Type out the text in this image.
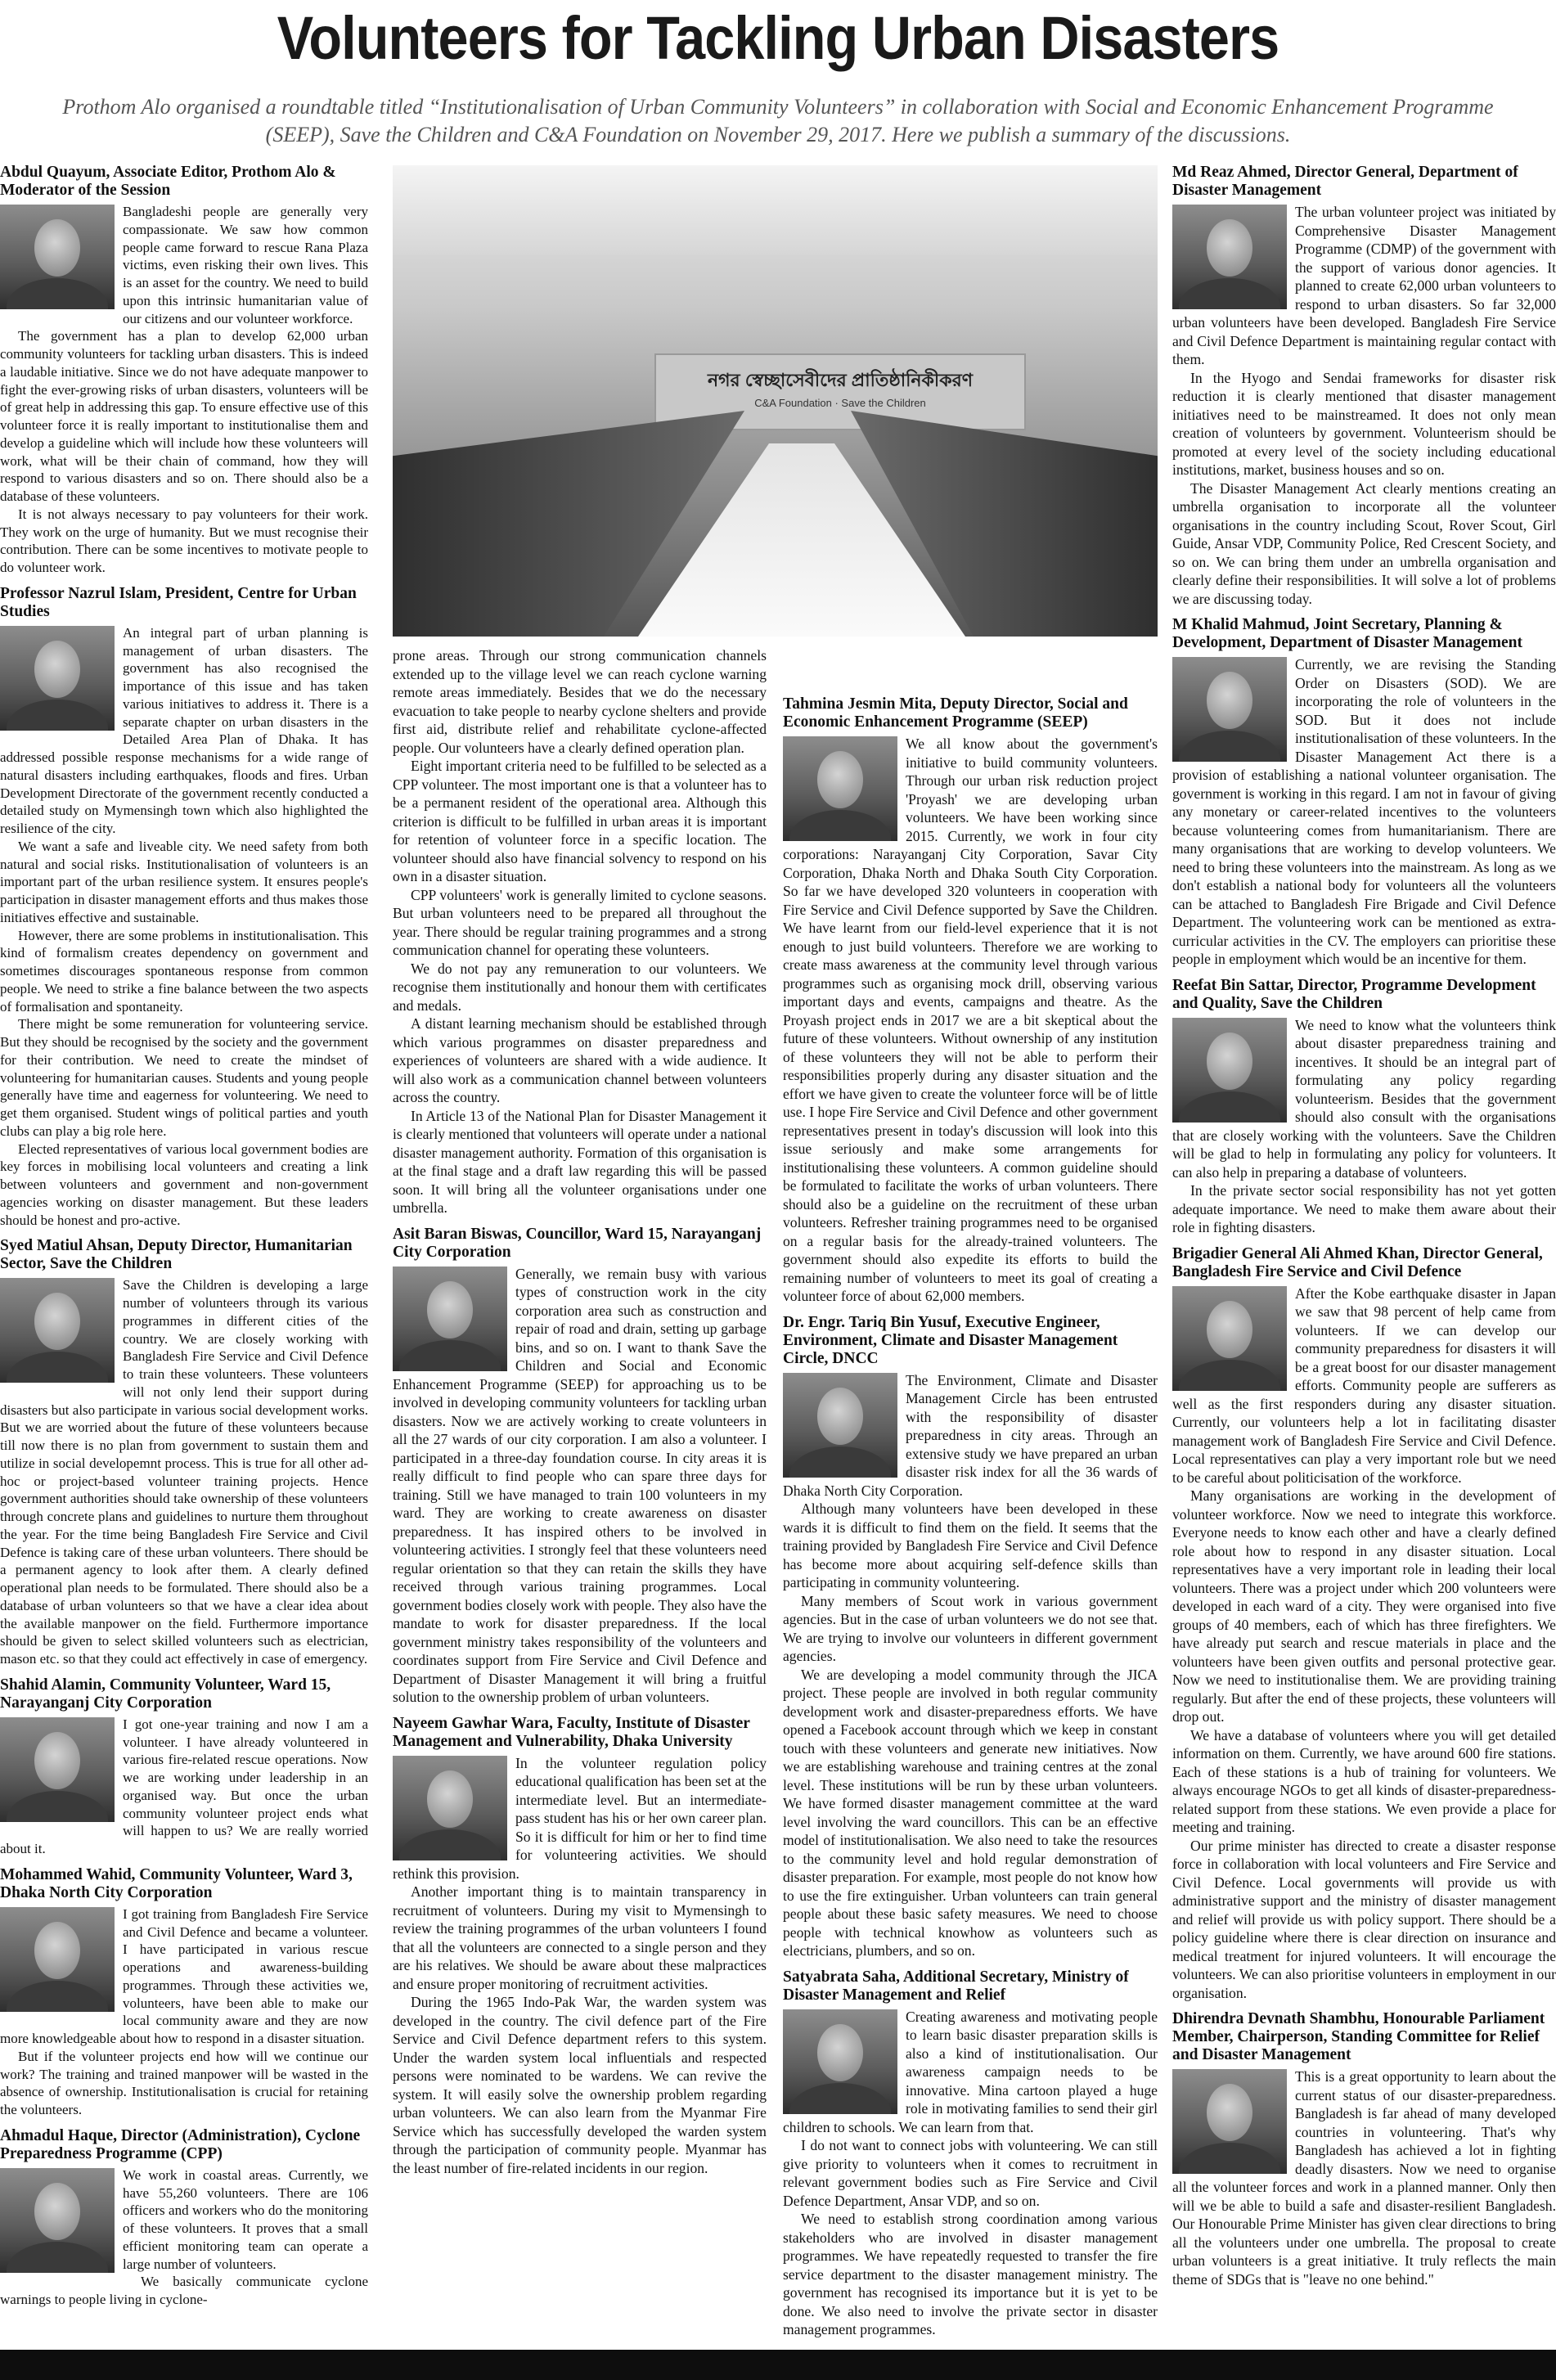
Volunteers for Tackling Urban Disasters
Prothom Alo organised a roundtable titled “Institutionalisation of Urban Community Volunteers” in collaboration with Social and Economic Enhancement Programme (SEEP), Save the Children and C&A Foundation on November 29, 2017. Here we publish a summary of the discussions.
নগর স্বেচ্ছাসেবীদের প্রাতিষ্ঠানিকীকরণ
C&A Foundation · Save the Children
Abdul Quayum, Associate Editor, Prothom Alo & Moderator of the Session

Bangladeshi people are generally very compassionate. We saw how common people came forward to rescue Rana Plaza victims, even risking their own lives. This is an asset for the country. We need to build upon this intrinsic humanitarian value of our citizens and our volunteer workforce.

The government has a plan to develop 62,000 urban community volunteers for tackling urban disasters. This is indeed a laudable initiative. Since we do not have adequate manpower to fight the ever-growing risks of urban disasters, volunteers will be of great help in addressing this gap. To ensure effective use of this volunteer force it is really important to institutionalise them and develop a guideline which will include how these volunteers will work, what will be their chain of command, how they will respond to various disasters and so on. There should also be a database of these volunteers.

It is not always necessary to pay volunteers for their work. They work on the urge of humanity. But we must recognise their contribution. There can be some incentives to motivate people to do volunteer work.

Professor Nazrul Islam, President, Centre for Urban Studies

An integral part of urban planning is management of urban disasters. The government has also recognised the importance of this issue and has taken various initiatives to address it. There is a separate chapter on urban disasters in the Detailed Area Plan of Dhaka. It has addressed possible response mechanisms for a wide range of natural disasters including earthquakes, floods and fires. Urban Development Directorate of the government recently conducted a detailed study on Mymensingh town which also highlighted the resilience of the city.

We want a safe and liveable city. We need safety from both natural and social risks. Institutionalisation of volunteers is an important part of the urban resilience system. It ensures people's participation in disaster management efforts and thus makes those initiatives effective and sustainable.

However, there are some problems in institutionalisation. This kind of formalism creates dependency on government and sometimes discourages spontaneous response from common people. We need to strike a fine balance between the two aspects of formalisation and spontaneity.

There might be some remuneration for volunteering service. But they should be recognised by the society and the government for their contribution. We need to create the mindset of volunteering for humanitarian causes. Students and young people generally have time and eagerness for volunteering. We need to get them organised. Student wings of political parties and youth clubs can play a big role here.

Elected representatives of various local government bodies are key forces in mobilising local volunteers and creating a link between volunteers and government and non-government agencies working on disaster management. But these leaders should be honest and pro-active.

Syed Matiul Ahsan, Deputy Director, Humanitarian Sector, Save the Children

Save the Children is developing a large number of volunteers through its various programmes in different cities of the country. We are closely working with Bangladesh Fire Service and Civil Defence to train these volunteers. These volunteers will not only lend their support during disasters but also participate in various social development works. But we are worried about the future of these volunteers because till now there is no plan from government to sustain them and utilize in social developemnt process. This is true for all other ad-hoc or project-based volunteer training projects. Hence government authorities should take ownership of these volunteers through concrete plans and guidelines to nurture them throughout the year. For the time being Bangladesh Fire Service and Civil Defence is taking care of these urban volunteers. There should be a permanent agency to look after them. A clearly defined operational plan needs to be formulated. There should also be a database of urban volunteers so that we have a clear idea about the available manpower on the field. Furthermore importance should be given to select skilled volunteers such as electrician, mason etc. so that they could act effectively in case of emergency.

Shahid Alamin, Community Volunteer, Ward 15, Narayanganj City Corporation

I got one-year training and now I am a volunteer. I have already volunteered in various fire-related rescue operations. Now we are working under leadership in an organised way. But once the urban community volunteer project ends what will happen to us? We are really worried about it.

Mohammed Wahid, Community Volunteer, Ward 3, Dhaka North City Corporation

I got training from Bangladesh Fire Service and Civil Defence and became a volunteer. I have participated in various rescue operations and awareness-building programmes. Through these activities we, volunteers, have been able to make our local community aware and they are now more knowledgeable about how to respond in a disaster situation.

But if the volunteer projects end how will we continue our work? The training and trained manpower will be wasted in the absence of ownership. Institutionalisation is crucial for retaining the volunteers.

Ahmadul Haque, Director (Administration), Cyclone Preparedness Programme (CPP)

We work in coastal areas. Currently, we have 55,260 volunteers. There are 106 officers and workers who do the monitoring of these volunteers. It proves that a small efficient monitoring team can operate a large number of volunteers.

We basically communicate cyclone warnings to people living in cyclone-

prone areas. Through our strong communication channels extended up to the village level we can reach cyclone warning remote areas immediately. Besides that we do the necessary evacuation to take people to nearby cyclone shelters and provide first aid, distribute relief and rehabilitate cyclone-affected people. Our volunteers have a clearly defined operation plan.

Eight important criteria need to be fulfilled to be selected as a CPP volunteer. The most important one is that a volunteer has to be a permanent resident of the operational area. Although this criterion is difficult to be fulfilled in urban areas it is important for retention of volunteer force in a specific location. The volunteer should also have financial solvency to respond on his own in a disaster situation.

CPP volunteers' work is generally limited to cyclone seasons. But urban volunteers need to be prepared all throughout the year. There should be regular training programmes and a strong communication channel for operating these volunteers.

We do not pay any remuneration to our volunteers. We recognise them institutionally and honour them with certificates and medals.

A distant learning mechanism should be established through which various programmes on disaster preparedness and experiences of volunteers are shared with a wide audience. It will also work as a communication channel between volunteers across the country.

In Article 13 of the National Plan for Disaster Management it is clearly mentioned that volunteers will operate under a national disaster management authority. Formation of this organisation is at the final stage and a draft law regarding this will be passed soon. It will bring all the volunteer organisations under one umbrella.

Asit Baran Biswas, Councillor, Ward 15, Narayanganj City Corporation

Generally, we remain busy with various types of construction work in the city corporation area such as construction and repair of road and drain, setting up garbage bins, and so on. I want to thank Save the Children and Social and Economic Enhancement Programme (SEEP) for approaching us to be involved in developing community volunteers for tackling urban disasters. Now we are actively working to create volunteers in all the 27 wards of our city corporation. I am also a volunteer. I participated in a three-day foundation course. In city areas it is really difficult to find people who can spare three days for training. Still we have managed to train 100 volunteers in my ward. They are working to create awareness on disaster preparedness. It has inspired others to be involved in volunteering activities. I strongly feel that these volunteers need regular orientation so that they can retain the skills they have received through various training programmes. Local government bodies closely work with people. They also have the mandate to work for disaster preparedness. If the local government ministry takes responsibility of the volunteers and coordinates support from Fire Service and Civil Defence and Department of Disaster Management it will bring a fruitful solution to the ownership problem of urban volunteers.

Nayeem Gawhar Wara, Faculty, Institute of Disaster Management and Vulnerability, Dhaka University

In the volunteer regulation policy educational qualification has been set at the intermediate level. But an intermediate-pass student has his or her own career plan. So it is difficult for him or her to find time for volunteering activities. We should rethink this provision.

Another important thing is to maintain transparency in recruitment of volunteers. During my visit to Mymensingh to review the training programmes of the urban volunteers I found that all the volunteers are connected to a single person and they are his relatives. We should be aware about these malpractices and ensure proper monitoring of recruitment activities.

During the 1965 Indo-Pak War, the warden system was developed in the country. The civil defence part of the Fire Service and Civil Defence department refers to this system. Under the warden system local influentials and respected persons were nominated to be wardens. We can revive the system. It will easily solve the ownership problem regarding urban volunteers. We can also learn from the Myanmar Fire Service which has successfully developed the warden system through the participation of community people. Myanmar has the least number of fire-related incidents in our region.

Tahmina Jesmin Mita, Deputy Director, Social and Economic Enhancement Programme (SEEP)

We all know about the government's initiative to build community volunteers. Through our urban risk reduction project 'Proyash' we are developing urban volunteers. We have been working since 2015. Currently, we work in four city corporations: Narayanganj City Corporation, Savar City Corporation, Dhaka North and Dhaka South City Corporation. So far we have developed 320 volunteers in cooperation with Fire Service and Civil Defence supported by Save the Children. We have learnt from our field-level experience that it is not enough to just build volunteers. Therefore we are working to create mass awareness at the community level through various programmes such as organising mock drill, observing various important days and events, campaigns and theatre. As the Proyash project ends in 2017 we are a bit skeptical about the future of these volunteers. Without ownership of any institution of these volunteers they will not be able to perform their responsibilities properly during any disaster situation and the effort we have given to create the volunteer force will be of little use. I hope Fire Service and Civil Defence and other government representatives present in today's discussion will look into this issue seriously and make some arrangements for institutionalising these volunteers. A common guideline should be formulated to facilitate the works of urban volunteers. There should also be a guideline on the recruitment of these urban volunteers. Refresher training programmes need to be organised on a regular basis for the already-trained volunteers. The government should also expedite its efforts to build the remaining number of volunteers to meet its goal of creating a volunteer force of about 62,000 members.

Dr. Engr. Tariq Bin Yusuf, Executive Engineer, Environment, Climate and Disaster Management Circle, DNCC

The Environment, Climate and Disaster Management Circle has been entrusted with the responsibility of disaster preparedness in city areas. Through an extensive study we have prepared an urban disaster risk index for all the 36 wards of Dhaka North City Corporation.

Although many volunteers have been developed in these wards it is difficult to find them on the field. It seems that the training provided by Bangladesh Fire Service and Civil Defence has become more about acquiring self-defence skills than participating in community volunteering.

Many members of Scout work in various government agencies. But in the case of urban volunteers we do not see that. We are trying to involve our volunteers in different government agencies.

We are developing a model community through the JICA project. These people are involved in both regular community development work and disaster-preparedness efforts. We have opened a Facebook account through which we keep in constant touch with these volunteers and generate new initiatives. Now we are establishing warehouse and training centres at the zonal level. These institutions will be run by these urban volunteers. We have formed disaster management committee at the ward level involving the ward councillors. This can be an effective model of institutionalisation. We also need to take the resources to the community level and hold regular demonstration of disaster preparation. For example, most people do not know how to use the fire extinguisher. Urban volunteers can train general people about these basic safety measures. We need to choose people with technical knowhow as volunteers such as electricians, plumbers, and so on.

Satyabrata Saha, Additional Secretary, Ministry of Disaster Management and Relief

Creating awareness and motivating people to learn basic disaster preparation skills is also a kind of institutionalisation. Our awareness campaign needs to be innovative. Mina cartoon played a huge role in motivating families to send their girl children to schools. We can learn from that.

I do not want to connect jobs with volunteering. We can still give priority to volunteers when it comes to recruitment in relevant government bodies such as Fire Service and Civil Defence Department, Ansar VDP, and so on.

We need to establish strong coordination among various stakeholders who are involved in disaster management programmes. We have repeatedly requested to transfer the fire service department to the disaster management ministry. The government has recognised its importance but it is yet to be done. We also need to involve the private sector in disaster management programmes.

Md Reaz Ahmed, Director General, Department of Disaster Management

The urban volunteer project was initiated by Comprehensive Disaster Management Programme (CDMP) of the government with the support of various donor agencies. It planned to create 62,000 urban volunteers to respond to urban disasters. So far 32,000 urban volunteers have been developed. Bangladesh Fire Service and Civil Defence Department is maintaining regular contact with them.

In the Hyogo and Sendai frameworks for disaster risk reduction it is clearly mentioned that disaster management initiatives need to be mainstreamed. It does not only mean creation of volunteers by government. Volunteerism should be promoted at every level of the society including educational institutions, market, business houses and so on.

The Disaster Management Act clearly mentions creating an umbrella organisation to incorporate all the volunteer organisations in the country including Scout, Rover Scout, Girl Guide, Ansar VDP, Community Police, Red Crescent Society, and so on. We can bring them under an umbrella organisation and clearly define their responsibilities. It will solve a lot of problems we are discussing today.

M Khalid Mahmud, Joint Secretary, Planning & Development, Department of Disaster Management

Currently, we are revising the Standing Order on Disasters (SOD). We are incorporating the role of volunteers in the SOD. But it does not include institutionalisation of these volunteers. In the Disaster Management Act there is a provision of establishing a national volunteer organisation. The government is working in this regard. I am not in favour of giving any monetary or career-related incentives to the volunteers because volunteering comes from humanitarianism. There are many organisations that are working to develop volunteers. We need to bring these volunteers into the mainstream. As long as we don't establish a national body for volunteers all the volunteers can be attached to Bangladesh Fire Brigade and Civil Defence Department. The volunteering work can be mentioned as extra-curricular activities in the CV. The employers can prioritise these people in employment which would be an incentive for them.

Reefat Bin Sattar, Director, Programme Development and Quality, Save the Children

We need to know what the volunteers think about disaster preparedness training and incentives. It should be an integral part of formulating any policy regarding volunteerism. Besides that the government should also consult with the organisations that are closely working with the volunteers. Save the Children will be glad to help in formulating any policy for volunteers. It can also help in preparing a database of volunteers.

In the private sector social responsibility has not yet gotten adequate importance. We need to make them aware about their role in fighting disasters.

Brigadier General Ali Ahmed Khan, Director General, Bangladesh Fire Service and Civil Defence

After the Kobe earthquake disaster in Japan we saw that 98 percent of help came from volunteers. If we can develop our community preparedness for disasters it will be a great boost for our disaster management efforts. Community people are sufferers as well as the first responders during any disaster situation. Currently, our volunteers help a lot in facilitating disaster management work of Bangladesh Fire Service and Civil Defence. Local representatives can play a very important role but we need to be careful about politicisation of the workforce.

Many organisations are working in the development of volunteer workforce. Now we need to integrate this workforce. Everyone needs to know each other and have a clearly defined role about how to respond in any disaster situation. Local representatives have a very important role in leading their local volunteers. There was a project under which 200 volunteers were developed in each ward of a city. They were organised into five groups of 40 members, each of which has three firefighters. We have already put search and rescue materials in place and the volunteers have been given outfits and personal protective gear. Now we need to institutionalise them. We are providing training regularly. But after the end of these projects, these volunteers will drop out.

We have a database of volunteers where you will get detailed information on them. Currently, we have around 600 fire stations. Each of these stations is a hub of training for volunteers. We always encourage NGOs to get all kinds of disaster-preparedness-related support from these stations. We even provide a place for meeting and training.

Our prime minister has directed to create a disaster response force in collaboration with local volunteers and Fire Service and Civil Defence. Local governments will provide us with administrative support and the ministry of disaster management and relief will provide us with policy support. There should be a policy guideline where there is clear direction on insurance and medical treatment for injured volunteers. It will encourage the volunteers. We can also prioritise volunteers in employment in our organisation.

Dhirendra Devnath Shambhu, Honourable Parliament Member, Chairperson, Standing Committee for Relief and Disaster Management

This is a great opportunity to learn about the current status of our disaster-preparedness. Bangladesh is far ahead of many developed countries in volunteering. That's why Bangladesh has achieved a lot in fighting deadly disasters. Now we need to organise all the volunteer forces and work in a planned manner. Only then will we be able to build a safe and disaster-resilient Bangladesh. Our Honourable Prime Minister has given clear directions to bring all the volunteers under one umbrella. The proposal to create urban volunteers is a great initiative. It truly reflects the main theme of SDGs that is "leave no one behind."
